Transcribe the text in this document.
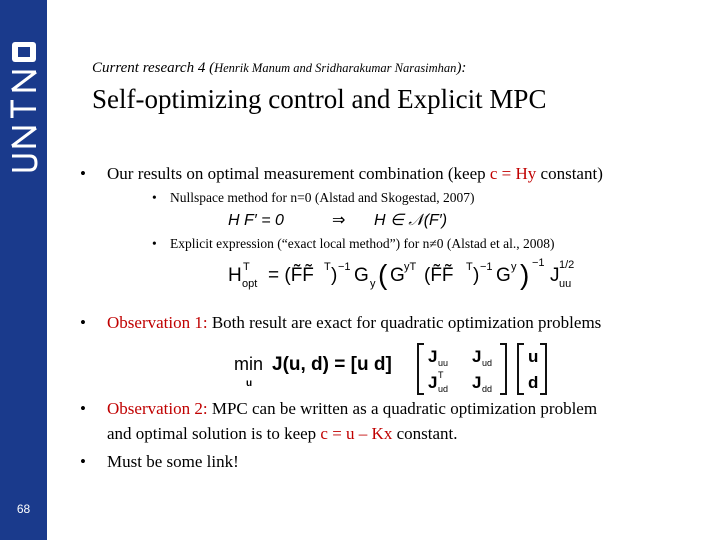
68
Current research 4 (Henrik Manum and Sridharakumar Narasimhan):
Self-optimizing control and Explicit MPC
• Our results on optimal measurement combination (keep c = Hy constant)
• Nullspace method for n=0 (Alstad and Skogestad, 2007)
H F′ = 0	⇒ H ∈ 𝒩(F′)
• Explicit expression (“exact local method”) for n≠0 (Alstad et al., 2008)
H T
opt = (F̃F̃ T ) −1 G y ( G yT (F̃F̃ T ) −1 G y ) −1
J 1/2
uu
• Observation 1: Both result are exact for quadratic optimization problems
min
u
J(u, d) = [u d] J uu J ud
J T
ud J dd
u
d
• Observation 2: MPC can be written as a quadratic optimization problem
and optimal solution is to keep c = u – Kx constant.
• Must be some link!
